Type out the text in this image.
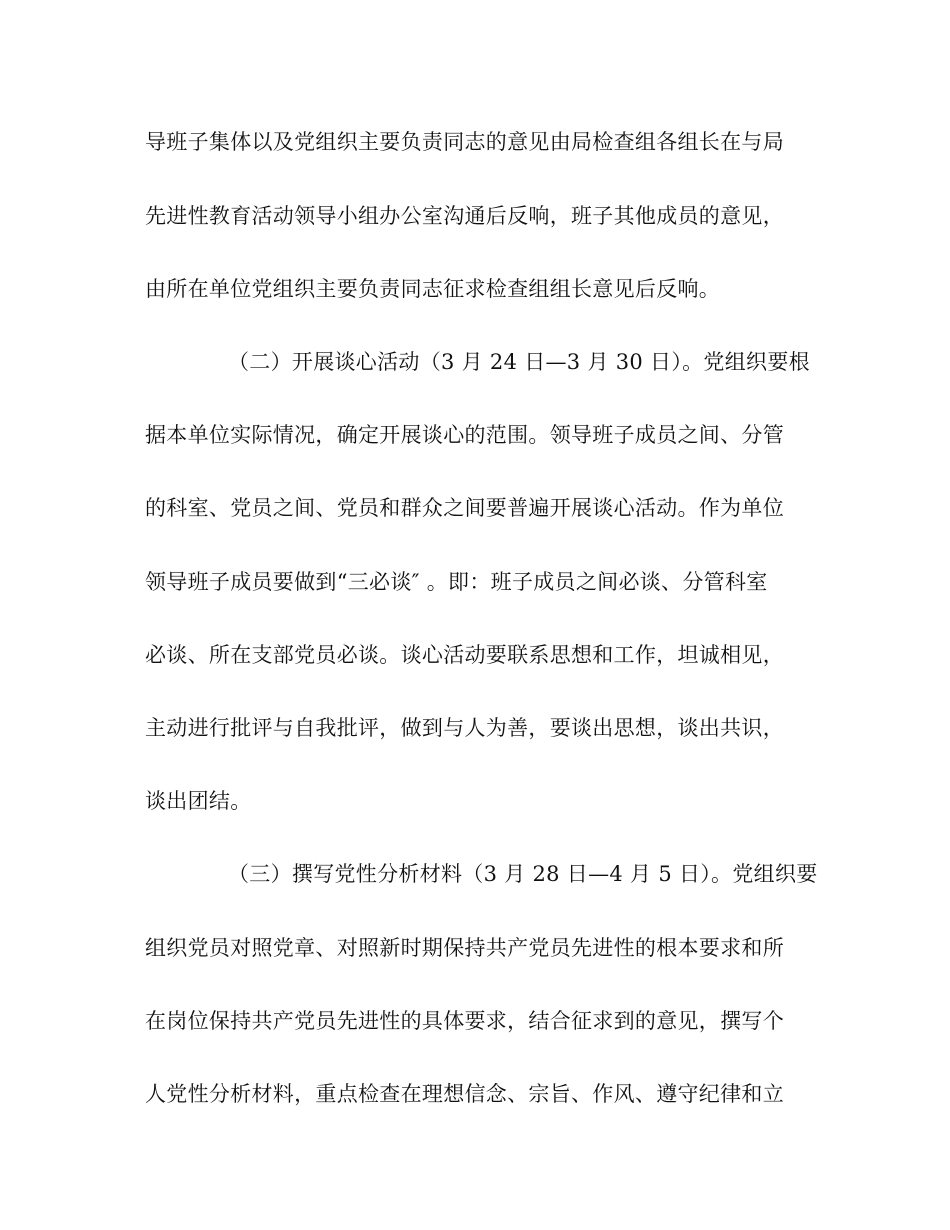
导班子集体以及党组织主要负责同志的意见由局检查组各组长在与局
先进性教育活动领导小组办公室沟通后反响，班子其他成员的意见，
由所在单位党组织主要负责同志征求检查组组长意见后反响。
（二）开展谈心活动（3 月 24 日—3 月 30 日）。党组织要根
据本单位实际情况，确定开展谈心的范围。领导班子成员之间、分管
的科室、党员之间、党员和群众之间要普遍开展谈心活动。作为单位
领导班子成员要做到“三必谈″ 。即：班子成员之间必谈、分管科室
必谈、所在支部党员必谈。谈心活动要联系思想和工作，坦诚相见，
主动进行批评与自我批评，做到与人为善，要谈出思想，谈出共识，
谈出团结。
（三）撰写党性分析材料（3 月 28 日—4 月 5 日）。党组织要
组织党员对照党章、对照新时期保持共产党员先进性的根本要求和所
在岗位保持共产党员先进性的具体要求，结合征求到的意见，撰写个
人党性分析材料，重点检查在理想信念、宗旨、作风、遵守纪律和立
